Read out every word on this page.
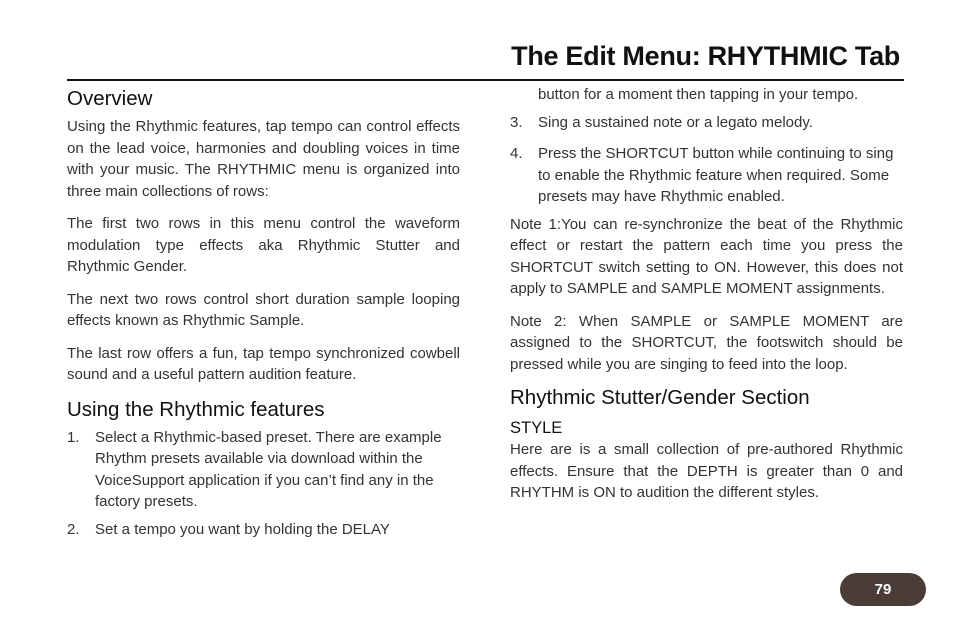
The Edit Menu: RHYTHMIC Tab
Overview

Using the Rhythmic features, tap tempo can control effects on the lead voice, harmonies and doubling voices in time with your music. The RHYTHMIC menu is organized into three main collections of rows:

The first two rows in this menu control the waveform modulation type effects aka Rhythmic Stutter and Rhythmic Gender.

The next two rows control short duration sample looping effects known as Rhythmic Sample.

The last row offers a fun, tap tempo synchronized cowbell sound and a useful pattern audition feature.

Using the Rhythmic features
1. Select a Rhythmic-based preset. There are example Rhythm presets available via download within the VoiceSupport application if you can’t find any in the factory presets.
2. Set a tempo you want by holding the DELAY

button for a moment then tapping in your tempo.

3. Sing a sustained note or a legato melody.
4. Press the SHORTCUT button while continuing to sing to enable the Rhythmic feature when required. Some presets may have Rhythmic enabled.

Note 1:You can re-synchronize the beat of the Rhythmic effect or restart the pattern each time you press the SHORTCUT switch setting to ON. However, this does not apply to SAMPLE and SAMPLE MOMENT assignments.

Note 2: When SAMPLE or SAMPLE MOMENT are assigned to the SHORTCUT, the footswitch should be pressed while you are singing to feed into the loop.

Rhythmic Stutter/Gender Section
STYLE

Here are is a small collection of pre-authored Rhythmic effects. Ensure that the DEPTH is greater than 0 and RHYTHM is ON to audition the different styles.

79
